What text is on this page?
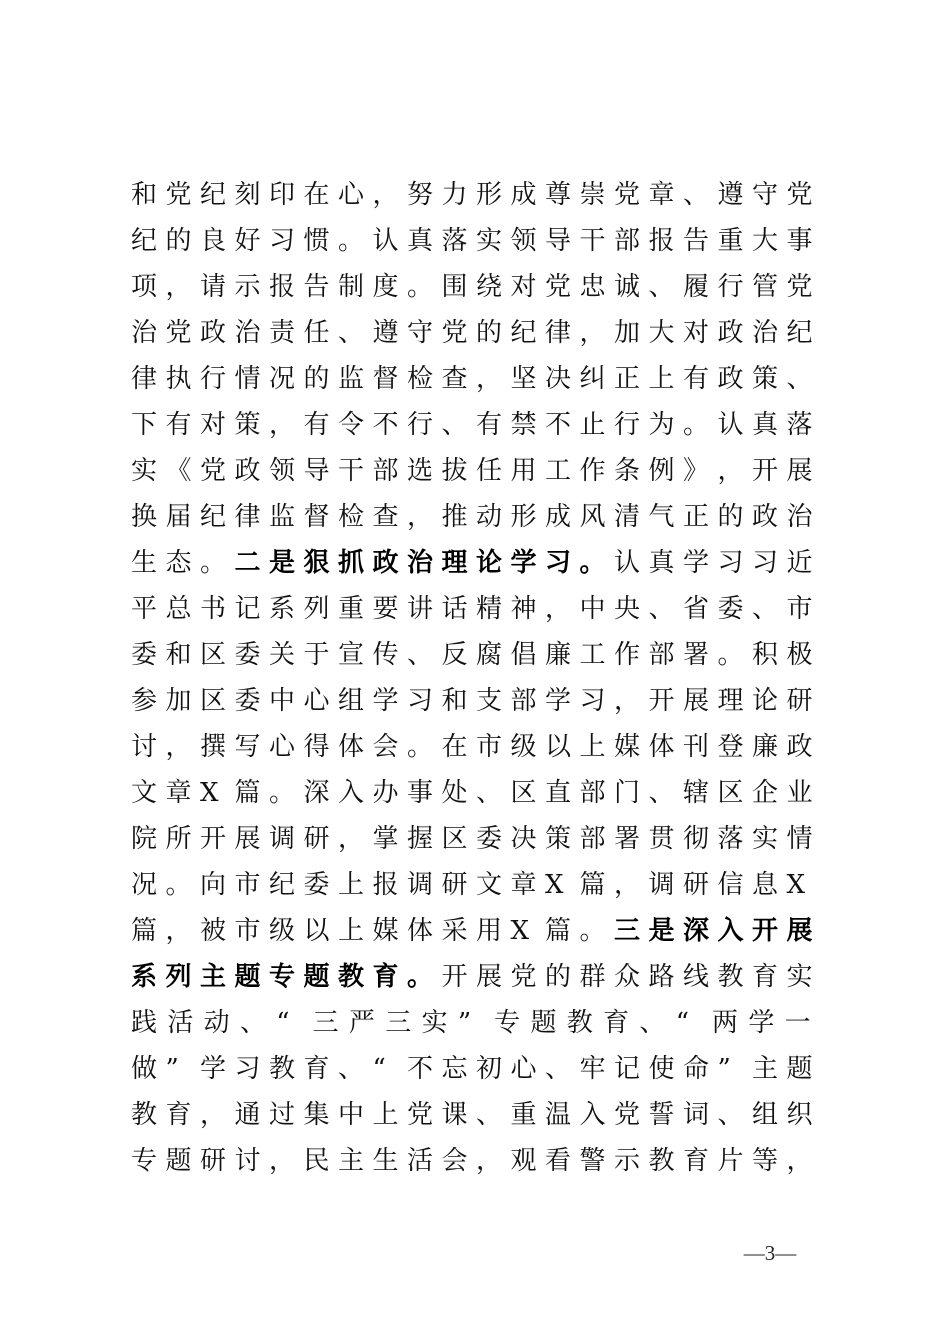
和 党 纪 刻 印 在 心 ， 努 力 形 成 尊 崇 党 章 、 遵 守 党
纪 的 良 好 习 惯 。 认 真 落 实 领 导 干 部 报 告 重 大 事
项 ， 请 示 报 告 制 度 。 围 绕 对 党 忠 诚 、 履 行 管 党
治 党 政 治 责 任 、 遵 守 党 的 纪 律 ， 加 大 对 政 治 纪
律 执 行 情 况 的 监 督 检 查 ， 坚 决 纠 正 上 有 政 策 、
下 有 对 策 ， 有 令 不 行 、 有 禁 不 止 行 为 。 认 真 落
实 《 党 政 领 导 干 部 选 拔 任 用 工 作 条 例 》 ， 开 展
换 届 纪 律 监 督 检 查 ， 推 动 形 成 风 清 气 正 的 政 治
生 态 。 二 是 狠 抓 政 治 理 论 学 习 。 认 真 学 习 习 近
平 总 书 记 系 列 重 要 讲 话 精 神 ， 中 央 、 省 委 、 市
委 和 区 委 关 于 宣 传 、 反 腐 倡 廉 工 作 部 署 。 积 极
参 加 区 委 中 心 组 学 习 和 支 部 学 习 ， 开 展 理 论 研
讨 ， 撰 写 心 得 体 会 。 在 市 级 以 上 媒 体 刊 登 廉 政
文 章 X 篇 。 深 入 办 事 处 、 区 直 部 门 、 辖 区 企 业
院 所 开 展 调 研 ， 掌 握 区 委 决 策 部 署 贯 彻 落 实 情
况 。 向 市 纪 委 上 报 调 研 文 章 X 篇 ， 调 研 信 息 X
篇 ， 被 市 级 以 上 媒 体 采 用 X 篇 。 三 是 深 入 开 展
系 列 主 题 专 题 教 育 。 开 展 党 的 群 众 路 线 教 育 实
践 活 动 、 “ 三 严 三 实 ” 专 题 教 育 、 “ 两 学 一
做 ” 学 习 教 育 、 “ 不 忘 初 心 、 牢 记 使 命 ” 主 题
教 育 ， 通 过 集 中 上 党 课 、 重 温 入 党 誓 词 、 组 织
专 题 研 讨 ， 民 主 生 活 会 ， 观 看 警 示 教 育 片 等 ，
—3—
